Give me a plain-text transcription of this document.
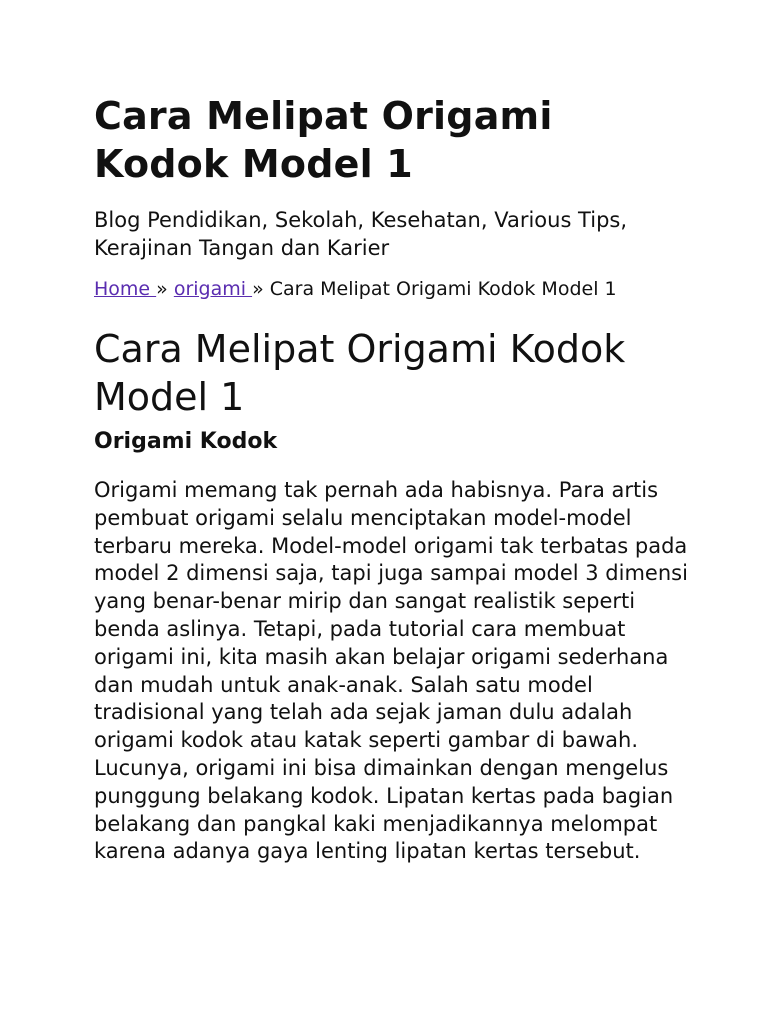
Cara Melipat Origami Kodok Model 1

Blog Pendidikan, Sekolah, Kesehatan, Various Tips, Kerajinan Tangan dan Karier

Home » origami » Cara Melipat Origami Kodok Model 1
Cara Melipat Origami Kodok Model 1
Origami Kodok

Origami memang tak pernah ada habisnya. Para artis pembuat origami selalu menciptakan model-model terbaru mereka. Model-model origami tak terbatas pada model 2 dimensi saja, tapi juga sampai model 3 dimensi yang benar-benar mirip dan sangat realistik seperti benda aslinya. Tetapi, pada tutorial cara membuat origami ini, kita masih akan belajar origami sederhana dan mudah untuk anak-anak. Salah satu model tradisional yang telah ada sejak jaman dulu adalah origami kodok atau katak seperti gambar di bawah. Lucunya, origami ini bisa dimainkan dengan mengelus punggung belakang kodok. Lipatan kertas pada bagian belakang dan pangkal kaki menjadikannya melompat karena adanya gaya lenting lipatan kertas tersebut.
